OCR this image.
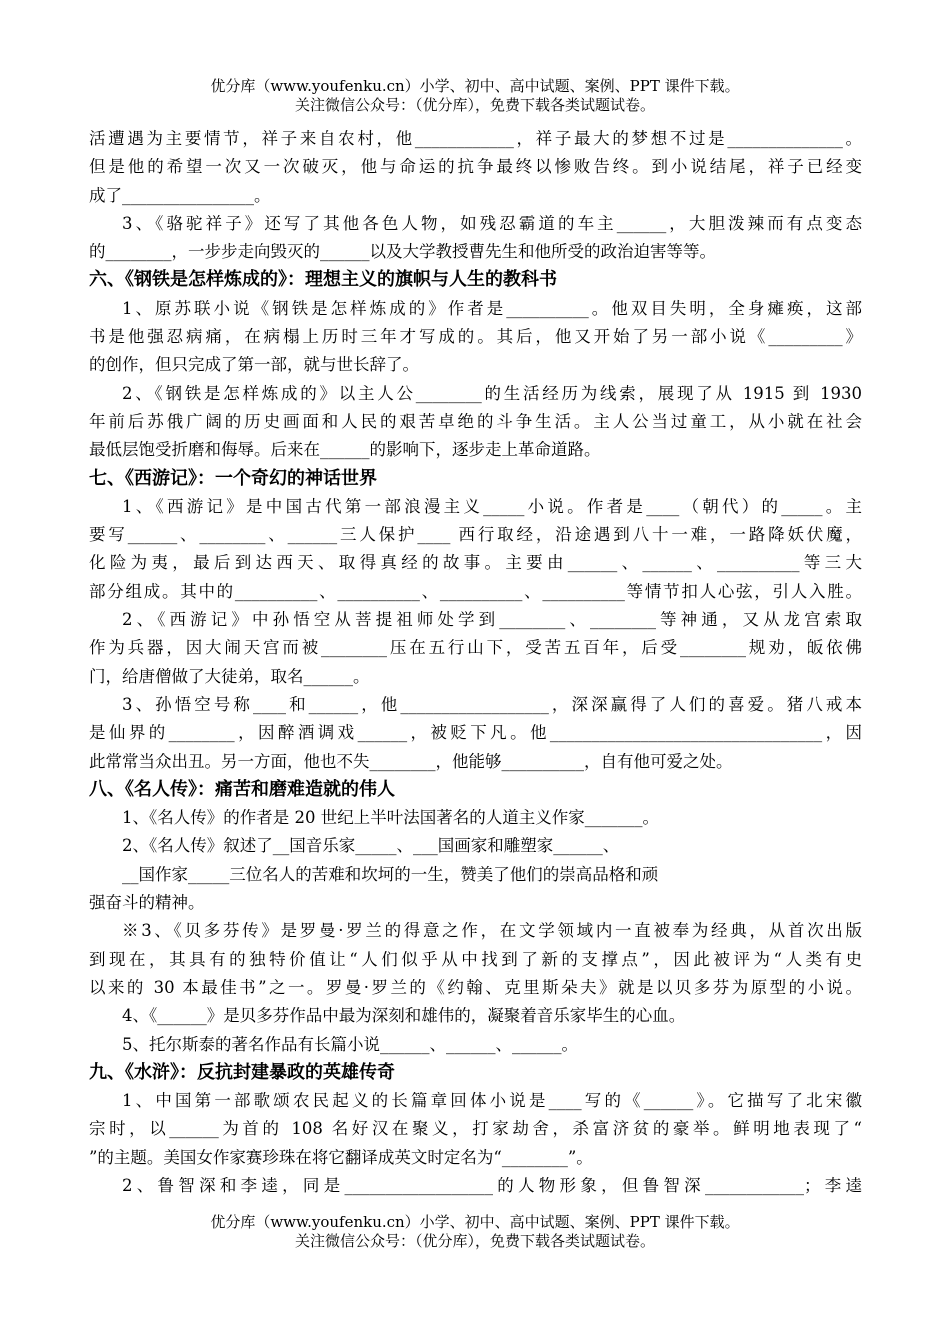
优分库（www.youfenku.cn）小学、初中、高中试题、案例、PPT 课件下载。
关注微信公众号：（优分库），免费下载各类试题试卷。
活遭遇为主要情节，祥子来自农村，他____________，祥子最大的梦想不过是______________。
但是他的希望一次又一次破灭，他与命运的抗争最终以惨败告终。到小说结尾，祥子已经变
成了________________。
3、《骆驼祥子》还写了其他各色人物，如残忍霸道的车主______，大胆泼辣而有点变态
的________，一步步走向毁灭的______以及大学教授曹先生和他所受的政治迫害等等。
六、《钢铁是怎样炼成的》：理想主义的旗帜与人生的教科书
1、原苏联小说《钢铁是怎样炼成的》作者是__________。他双目失明，全身瘫痪，这部
书是他强忍病痛，在病榻上历时三年才写成的。其后，他又开始了另一部小说《_________》
的创作，但只完成了第一部，就与世长辞了。
2、《钢铁是怎样炼成的》以主人公________的生活经历为线索，展现了从 1915 到 1930
年前后苏俄广阔的历史画面和人民的艰苦卓绝的斗争生活。主人公当过童工，从小就在社会
最低层饱受折磨和侮辱。后来在______的影响下，逐步走上革命道路。
七、《西游记》：一个奇幻的神话世界
1、《西游记》是中国古代第一部浪漫主义_____小说。作者是____（朝代）的_____。主
要写______、________、______三人保护____ 西行取经，沿途遇到八十一难，一路降妖伏魔，
化险为夷，最后到达西天、取得真经的故事。主要由______、______、__________等三大
部分组成。其中的__________、__________、__________、__________等情节扣人心弦，引人入胜。
2、《西游记》中孙悟空从菩提祖师处学到________、________等神通，又从龙宫索取
作为兵器，因大闹天宫而被________压在五行山下，受苦五百年，后受________规劝，皈依佛
门，给唐僧做了大徒弟，取名______。
3、孙悟空号称____和______，他__________________，深深赢得了人们的喜爱。猪八戒本
是仙界的________，因醉酒调戏______，被贬下凡。他_________________________________，因
此常常当众出丑。另一方面，他也不失________，他能够__________，自有他可爱之处。
八、《名人传》：痛苦和磨难造就的伟人
1、《名人传》的作者是 20 世纪上半叶法国著名的人道主义作家_______。
2、《名人传》叙述了__国音乐家_____、___国画家和雕塑家______、
__国作家_____三位名人的苦难和坎坷的一生，赞美了他们的崇高品格和顽
强奋斗的精神。
※3、《贝多芬传》是罗曼·罗兰的得意之作，在文学领域内一直被奉为经典，从首次出版
到现在，其具有的独特价值让“人们似乎从中找到了新的支撑点”，因此被评为“人类有史
以来的 30 本最佳书”之一。罗曼·罗兰的《约翰、克里斯朵夫》就是以贝多芬为原型的小说。
4、《______》是贝多芬作品中最为深刻和雄伟的，凝聚着音乐家毕生的心血。
5、托尔斯泰的著名作品有长篇小说______、______、______。
九、《水浒》：反抗封建暴政的英雄传奇
1、中国第一部歌颂农民起义的长篇章回体小说是____写的《______》。它描写了北宋徽
宗时，以______为首的 108 名好汉在聚义，打家劫舍，杀富济贫的豪举。鲜明地表现了“
”的主题。美国女作家赛珍珠在将它翻译成英文时定名为“________”。
2、鲁智深和李逵，同是__________________的人物形象，但鲁智深____________；李逵
优分库（www.youfenku.cn）小学、初中、高中试题、案例、PPT 课件下载。
关注微信公众号：（优分库），免费下载各类试题试卷。
